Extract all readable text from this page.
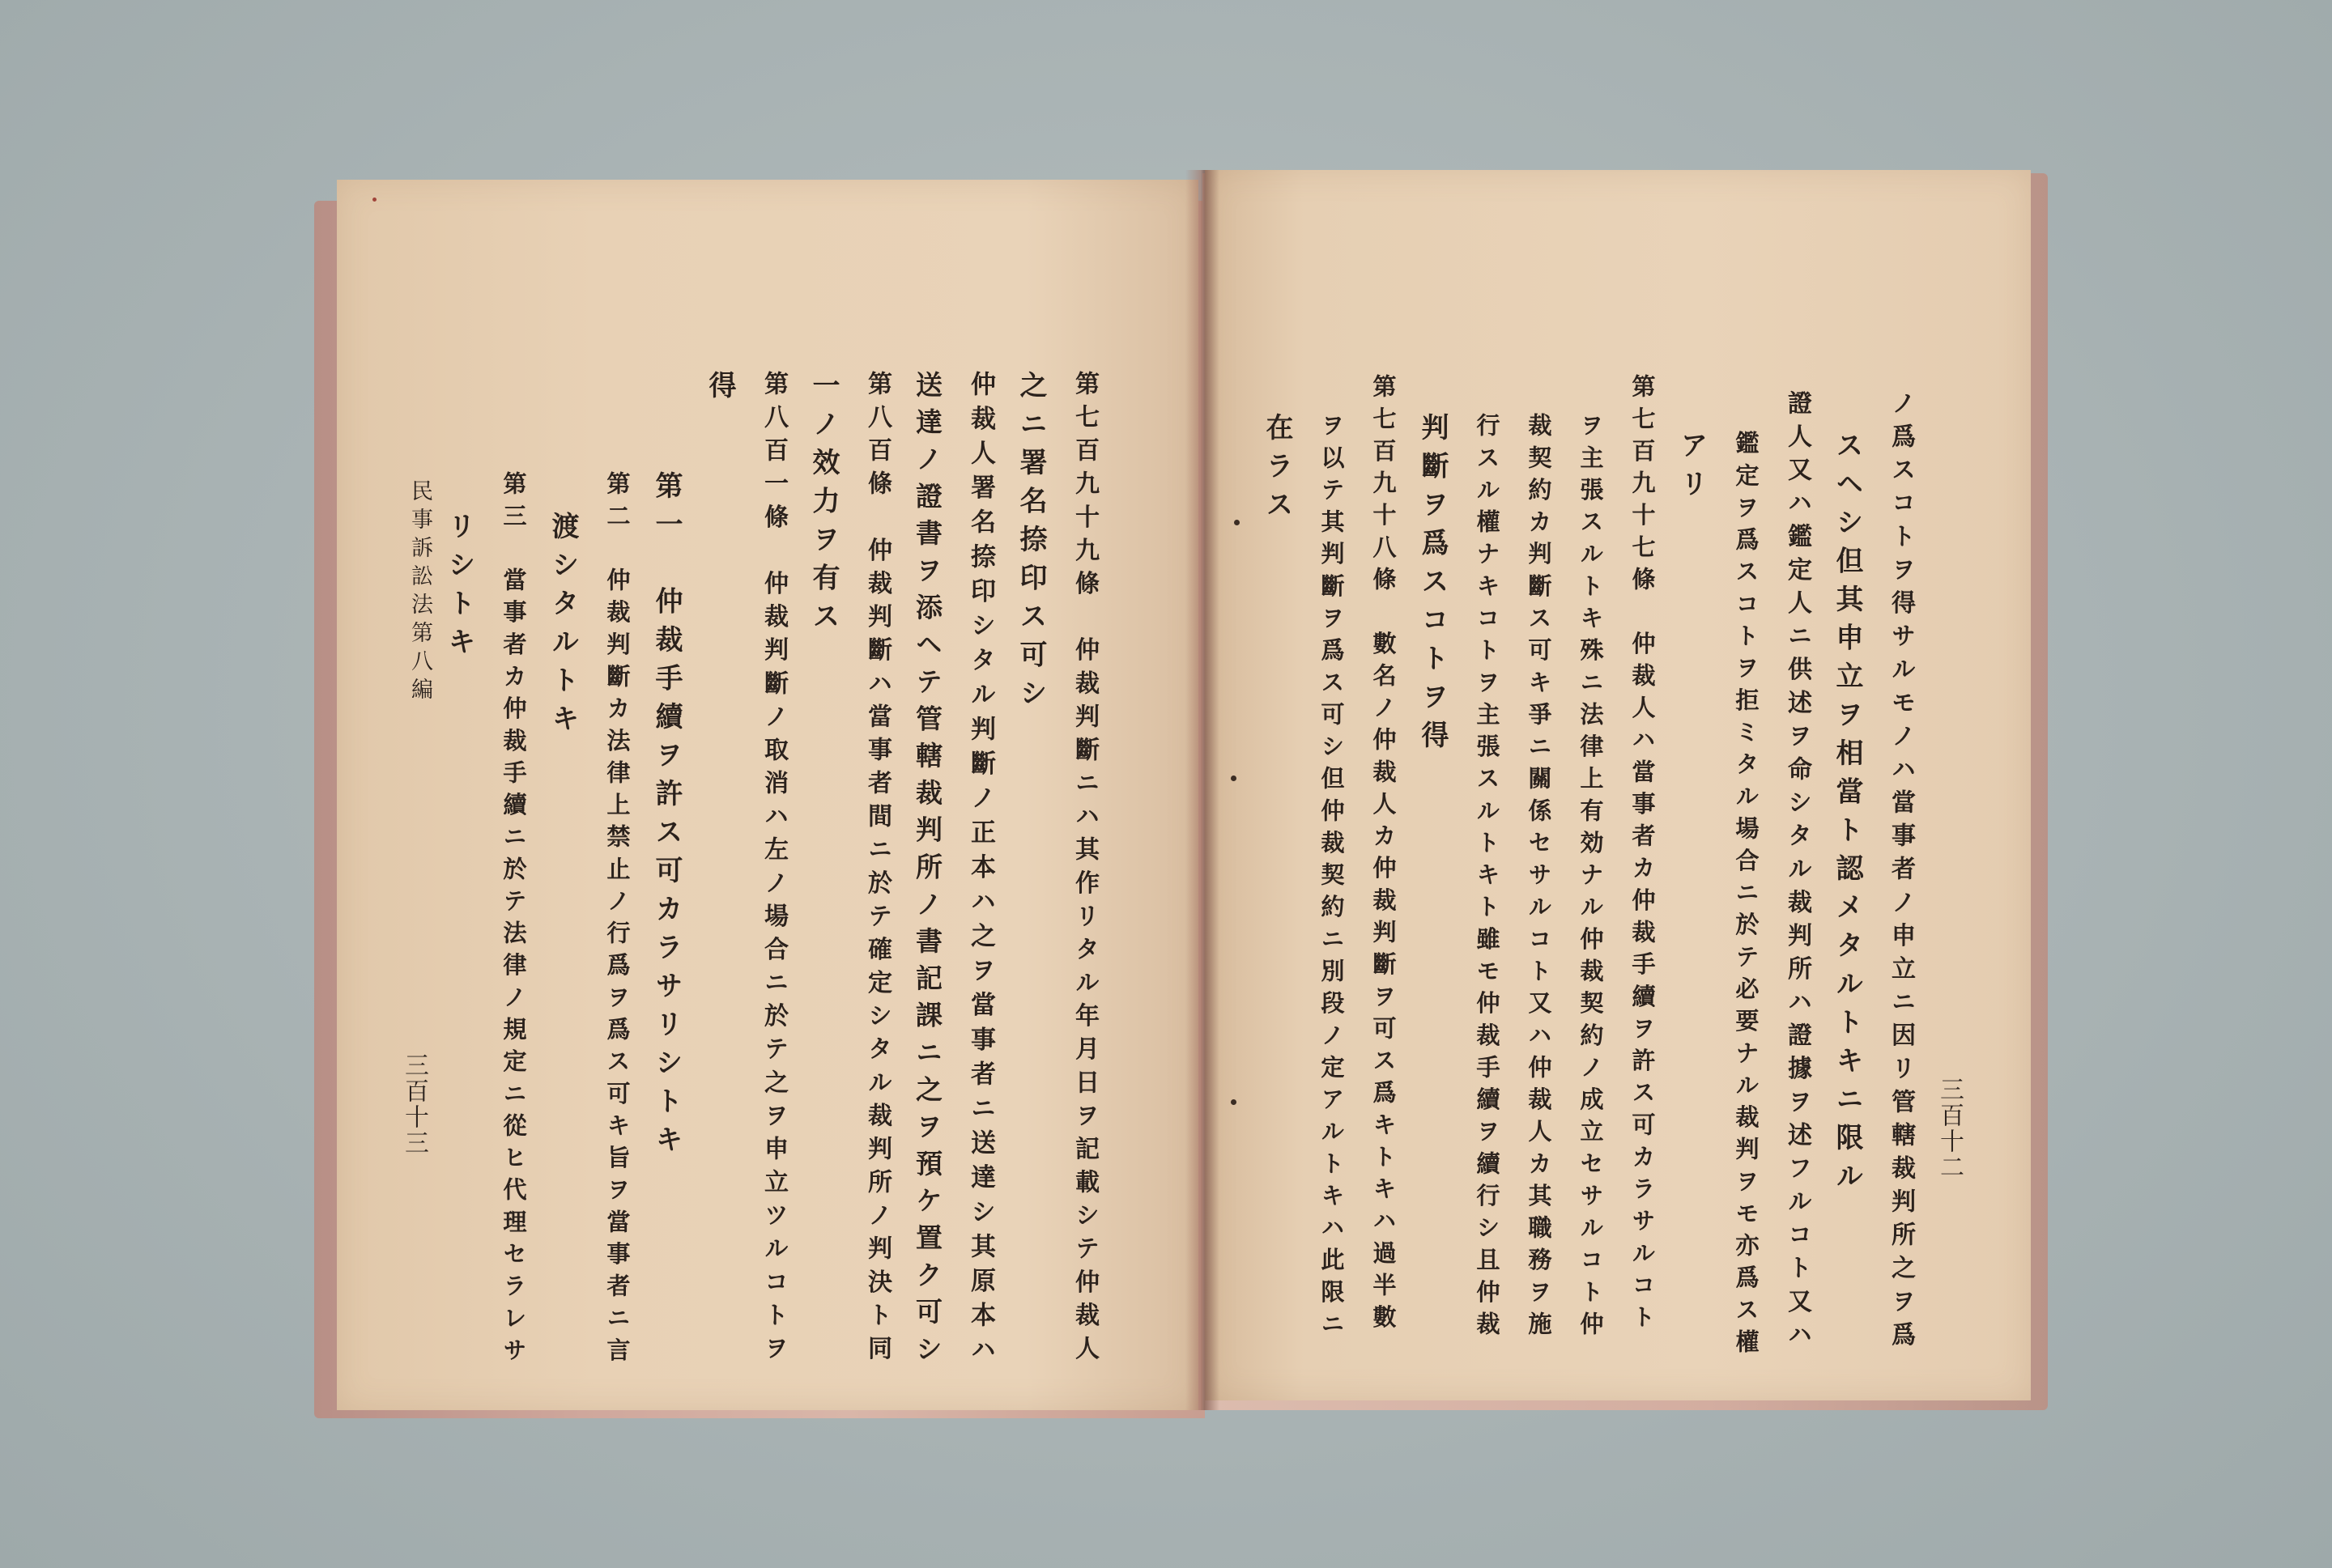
第七百九十九條　仲裁判斷ニハ其作リタル年月日ヲ記載シテ仲裁人
之ニ署名捺印ス可シ
仲裁人署名捺印シタル判斷ノ正本ハ之ヲ當事者ニ送達シ其原本ハ
送達ノ證書ヲ添ヘテ管轄裁判所ノ書記課ニ之ヲ預ケ置ク可シ
第八百條　仲裁判斷ハ當事者間ニ於テ確定シタル裁判所ノ判決ト同
一ノ效力ヲ有ス
第八百一條　仲裁判斷ノ取消ハ左ノ場合ニ於テ之ヲ申立ツルコトヲ
得
第一　仲裁手續ヲ許ス可カラサリシトキ
第二　仲裁判斷カ法律上禁止ノ行爲ヲ爲ス可キ旨ヲ當事者ニ言
渡シタルトキ
第三　當事者カ仲裁手續ニ於テ法律ノ規定ニ從ヒ代理セラレサ
リシトキ
民事訴訟法第八編
三百十三	三百十二
ノ爲スコトヲ得サルモノハ當事者ノ申立ニ因リ管轄裁判所之ヲ爲
スヘシ但其申立ヲ相當ト認メタルトキニ限ル
證人又ハ鑑定人ニ供述ヲ命シタル裁判所ハ證據ヲ述フルコト又ハ
鑑定ヲ爲スコトヲ拒ミタル場合ニ於テ必要ナル裁判ヲモ亦爲ス權
アリ
第七百九十七條　仲裁人ハ當事者カ仲裁手續ヲ許ス可カラサルコト
ヲ主張スルトキ殊ニ法律上有効ナル仲裁契約ノ成立セサルコト仲
裁契約カ判斷ス可キ爭ニ關係セサルコト又ハ仲裁人カ其職務ヲ施
行スル權ナキコトヲ主張スルトキト雖モ仲裁手續ヲ續行シ且仲裁
判斷ヲ爲スコトヲ得
第七百九十八條　數名ノ仲裁人カ仲裁判斷ヲ可ス爲キトキハ過半數
ヲ以テ其判斷ヲ爲ス可シ但仲裁契約ニ別段ノ定アルトキハ此限ニ
在ラス
